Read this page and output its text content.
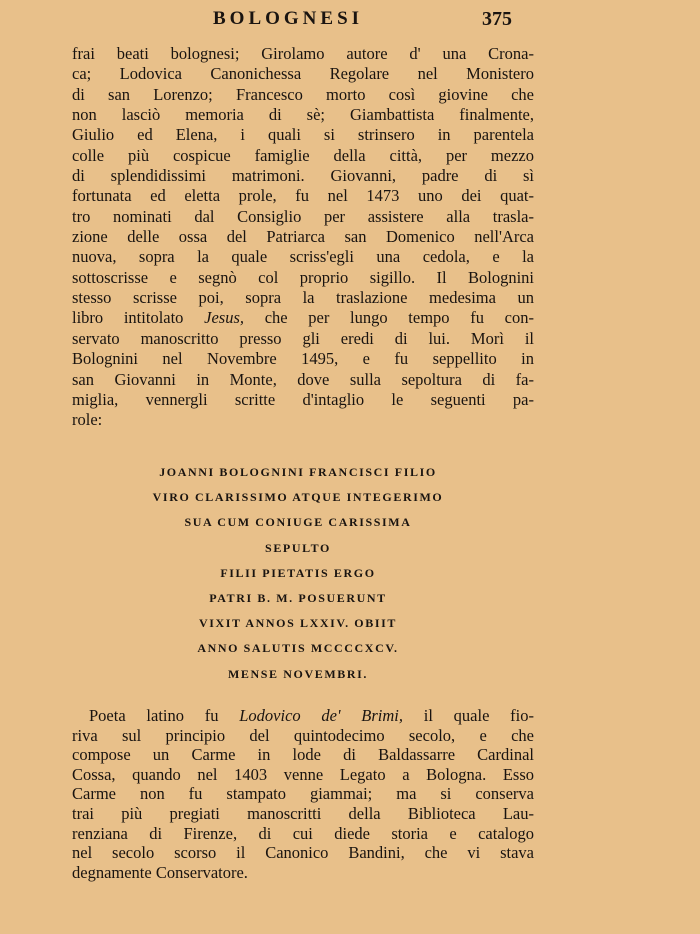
BOLOGNESI	375
frai beati bolognesi; Girolamo autore d' una Crona-
ca; Lodovica Canonichessa Regolare nel Monistero
di san Lorenzo; Francesco morto così giovine che
non lasciò memoria di sè; Giambattista finalmente,
Giulio ed Elena, i quali si strinsero in parentela
colle più cospicue famiglie della città, per mezzo
di splendidissimi matrimoni. Giovanni, padre di sì
fortunata ed eletta prole, fu nel 1473 uno dei quat-
tro nominati dal Consiglio per assistere alla trasla-
zione delle ossa del Patriarca san Domenico nell'Arca
nuova, sopra la quale scriss'egli una cedola, e la
sottoscrisse e segnò col proprio sigillo. Il Bolognini
stesso scrisse poi, sopra la traslazione medesima un
libro intitolato Jesus, che per lungo tempo fu con-
servato manoscritto presso gli eredi di lui. Morì il
Bolognini nel Novembre 1495, e fu seppellito in
san Giovanni in Monte, dove sulla sepoltura di fa-
miglia, vennergli scritte d'intaglio le seguenti pa-
role:
JOANNI BOLOGNINI FRANCISCI FILIO
VIRO CLARISSIMO ATQUE INTEGERIMO
SUA CUM CONIUGE CARISSIMA
SEPULTO
FILII PIETATIS ERGO
PATRI B. M. POSUERUNT
VIXIT ANNOS LXXIV. OBIIT
ANNO SALUTIS MCCCCXCV.
MENSE NOVEMBRI.
Poeta latino fu Lodovico de' Brimi, il quale fio-
riva sul principio del quintodecimo secolo, e che
compose un Carme in lode di Baldassarre Cardinal
Cossa, quando nel 1403 venne Legato a Bologna. Esso
Carme non fu stampato giammai; ma si conserva
trai più pregiati manoscritti della Biblioteca Lau-
renziana di Firenze, di cui diede storia e catalogo
nel secolo scorso il Canonico Bandini, che vi stava
degnamente Conservatore.
